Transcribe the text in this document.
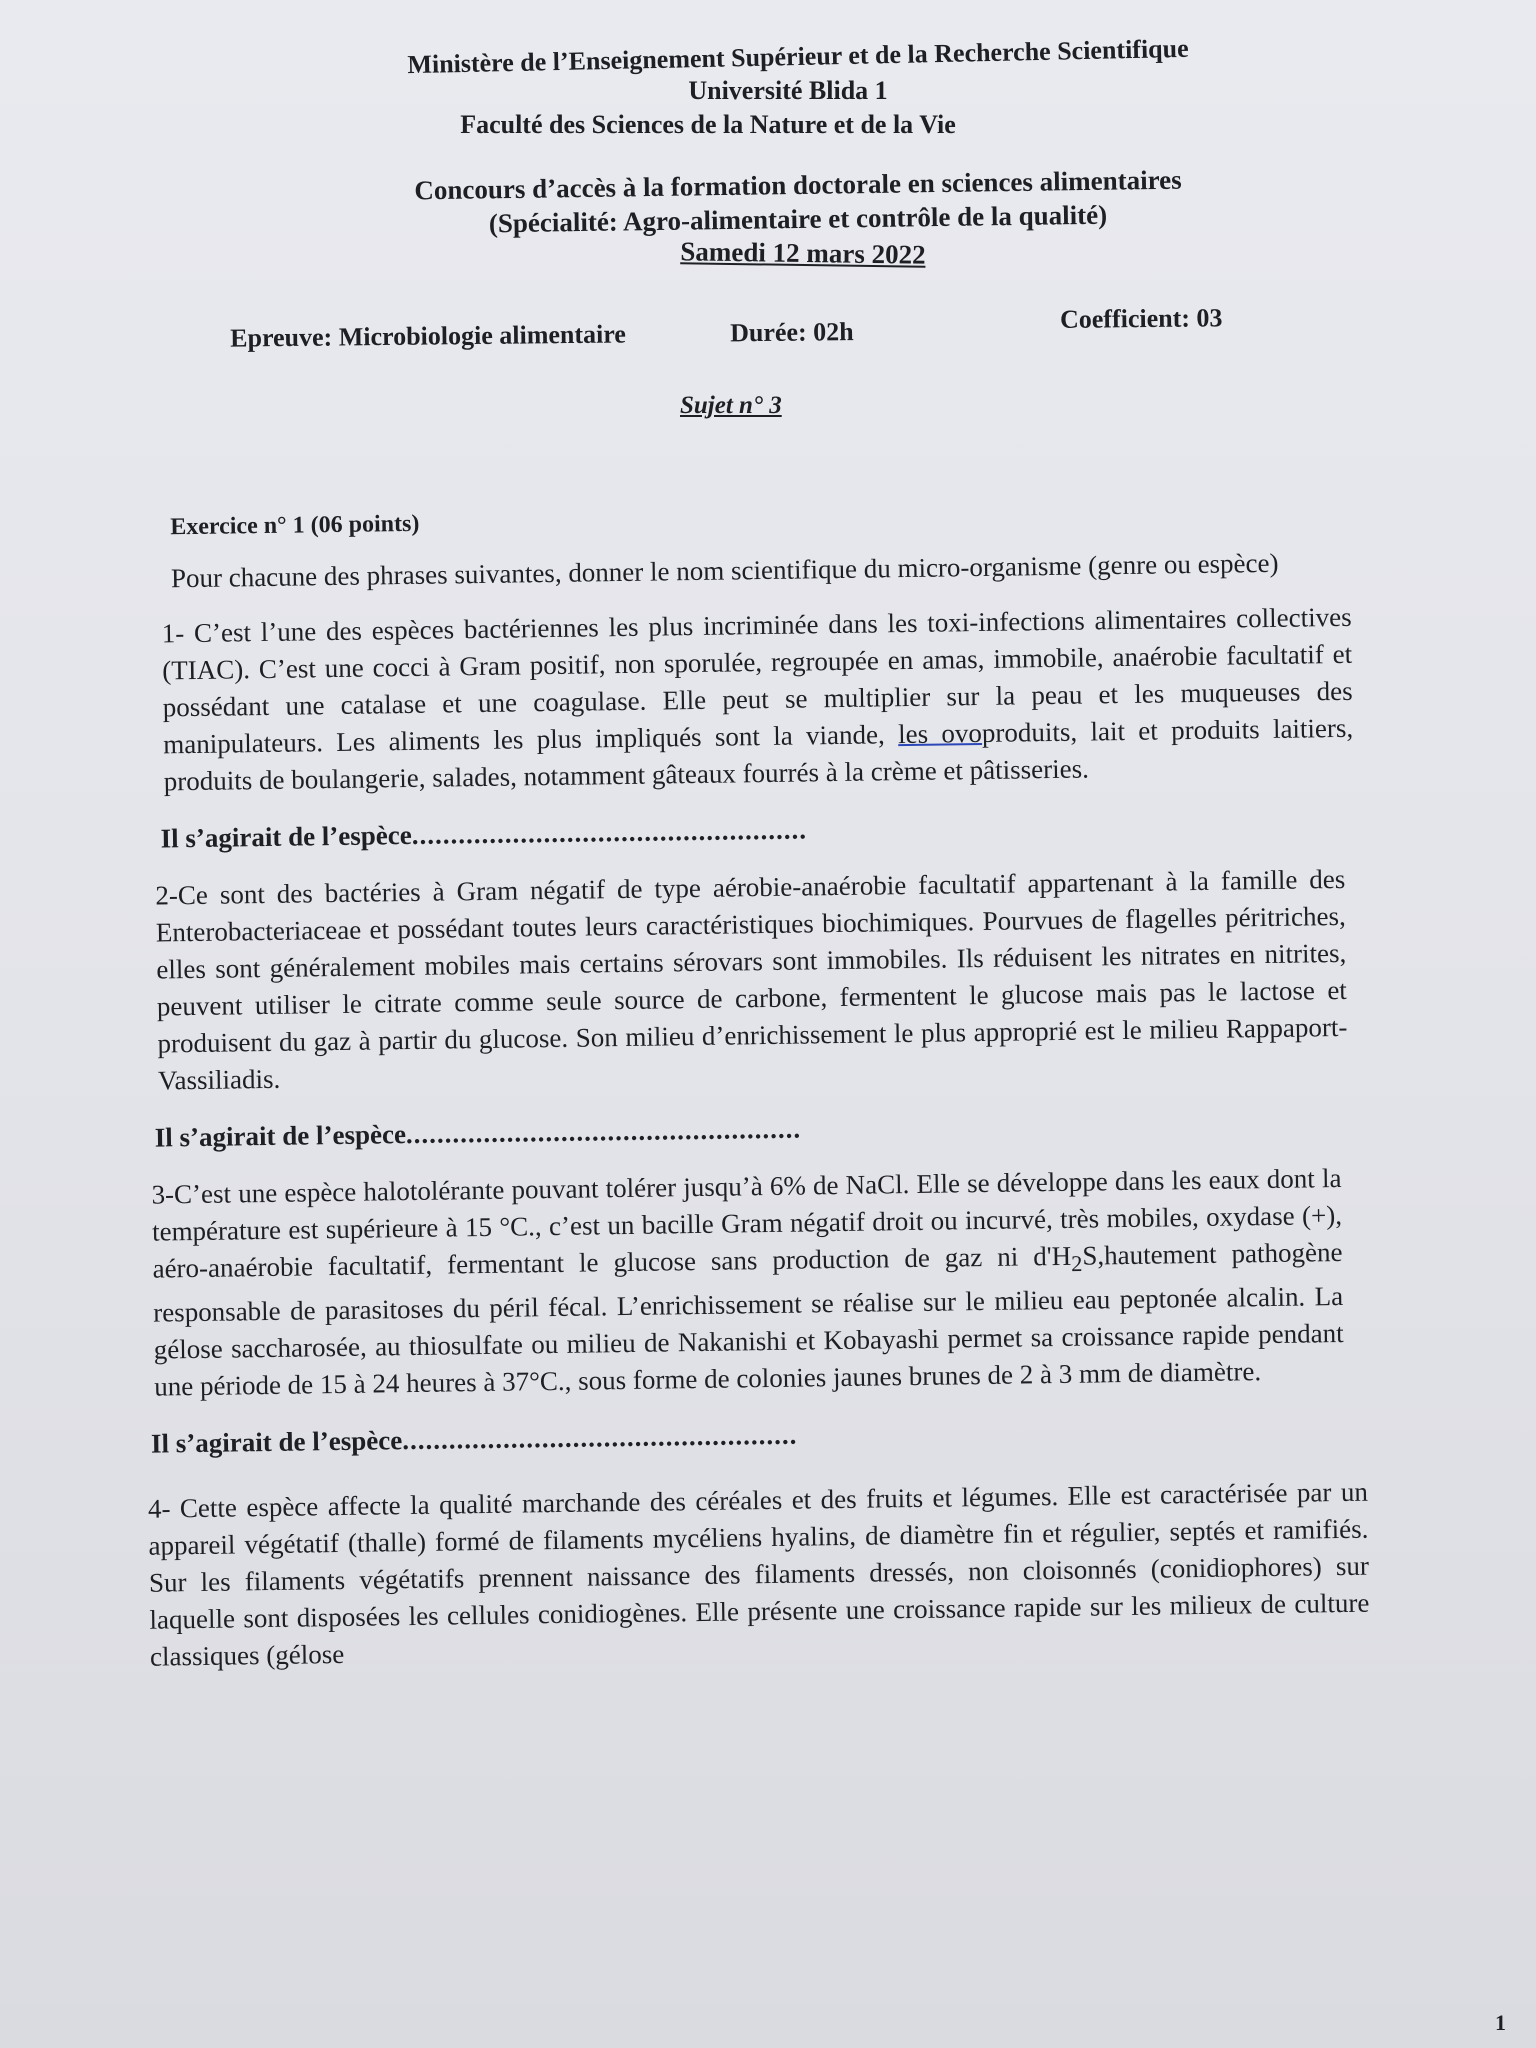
Ministère de l’Enseignement Supérieur et de la Recherche Scientifique
Université Blida 1
Faculté des Sciences de la Nature et de la Vie
Concours d’accès à la formation doctorale en sciences alimentaires
(Spécialité: Agro-alimentaire et contrôle de la qualité)
Samedi 12 mars 2022
Epreuve: Microbiologie alimentaire	Durée: 02h	Coefficient: 03
Sujet n° 3
Exercice n° 1 (06 points)
Pour chacune des phrases suivantes, donner le nom scientifique du micro-organisme (genre ou espèce)
1- C’est l’une des espèces bactériennes les plus incriminée dans les toxi-infections alimentaires collectives (TIAC). C’est une cocci à Gram positif, non sporulée, regroupée en amas, immobile, anaérobie facultatif et possédant une catalase et une coagulase. Elle peut se multiplier sur la peau et les muqueuses des manipulateurs. Les aliments les plus impliqués sont la viande, les ovoproduits, lait et produits laitiers, produits de boulangerie, salades, notamment gâteaux fourrés à la crème et pâtisseries.
Il s’agirait de l’espèce...................................................
2-Ce sont des bactéries à Gram négatif de type aérobie-anaérobie facultatif appartenant à la famille des Enterobacteriaceae et possédant toutes leurs caractéristiques biochimiques. Pourvues de flagelles péritriches, elles sont généralement mobiles mais certains sérovars sont immobiles. Ils réduisent les nitrates en nitrites, peuvent utiliser le citrate comme seule source de carbone, fermentent le glucose mais pas le lactose et produisent du gaz à partir du glucose. Son milieu d’enrichissement le plus approprié est le milieu Rappaport-Vassiliadis.
Il s’agirait de l’espèce...................................................
3-C’est une espèce halotolérante pouvant tolérer jusqu’à 6% de NaCl. Elle se développe dans les eaux dont la température est supérieure à 15 °C., c’est un bacille Gram négatif droit ou incurvé, très mobiles, oxydase (+), aéro-anaérobie facultatif, fermentant le glucose sans production de gaz ni $d'H_2S,hautement$ pathogène responsable de parasitoses du péril fécal. L’enrichissement se réalise sur le milieu eau peptonée alcalin. La gélose saccharosée, au thiosulfate ou milieu de Nakanishi et Kobayashi permet sa croissance rapide pendant une période de 15 à 24 heures à 37°C., sous forme de colonies jaunes brunes de 2 à 3 mm de diamètre.
Il s’agirait de l’espèce...................................................
4- Cette espèce affecte la qualité marchande des céréales et des fruits et légumes. Elle est caractérisée par un appareil végétatif (thalle) formé de filaments mycéliens hyalins, de diamètre fin et régulier, septés et ramifiés. Sur les filaments végétatifs prennent naissance des filaments dressés, non cloisonnés (conidiophores) sur laquelle sont disposées les cellules conidiogènes. Elle présente une croissance rapide sur les milieux de culture classiques (gélose
1
